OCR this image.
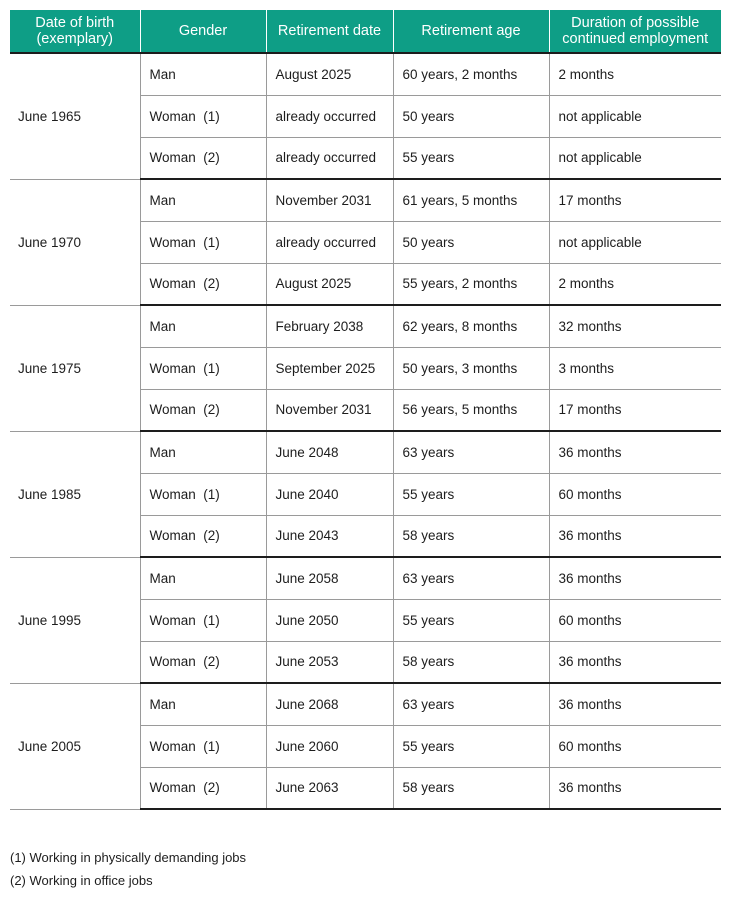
Date of birth (exemplary)	Gender	Retirement date	Retirement age	Duration of possible continued employment
June 1965	Man	August 2025	60 years, 2 months	2 months
	Woman  (1)	already occurred	50 years	not applicable
	Woman  (2)	already occurred	55 years	not applicable
June 1970	Man	November 2031	61 years, 5 months	17 months
	Woman  (1)	already occurred	50 years	not applicable
	Woman  (2)	August 2025	55 years, 2 months	2 months
June 1975	Man	February 2038	62 years, 8 months	32 months
	Woman  (1)	September 2025	50 years, 3 months	3 months
	Woman  (2)	November 2031	56 years, 5 months	17 months
June 1985	Man	June 2048	63 years	36 months
	Woman  (1)	June 2040	55 years	60 months
	Woman  (2)	June 2043	58 years	36 months
June 1995	Man	June 2058	63 years	36 months
	Woman  (1)	June 2050	55 years	60 months
	Woman  (2)	June 2053	58 years	36 months
June 2005	Man	June 2068	63 years	36 months
	Woman  (1)	June 2060	55 years	60 months
	Woman  (2)	June 2063	58 years	36 months
(1) Working in physically demanding jobs
(2) Working in office jobs
